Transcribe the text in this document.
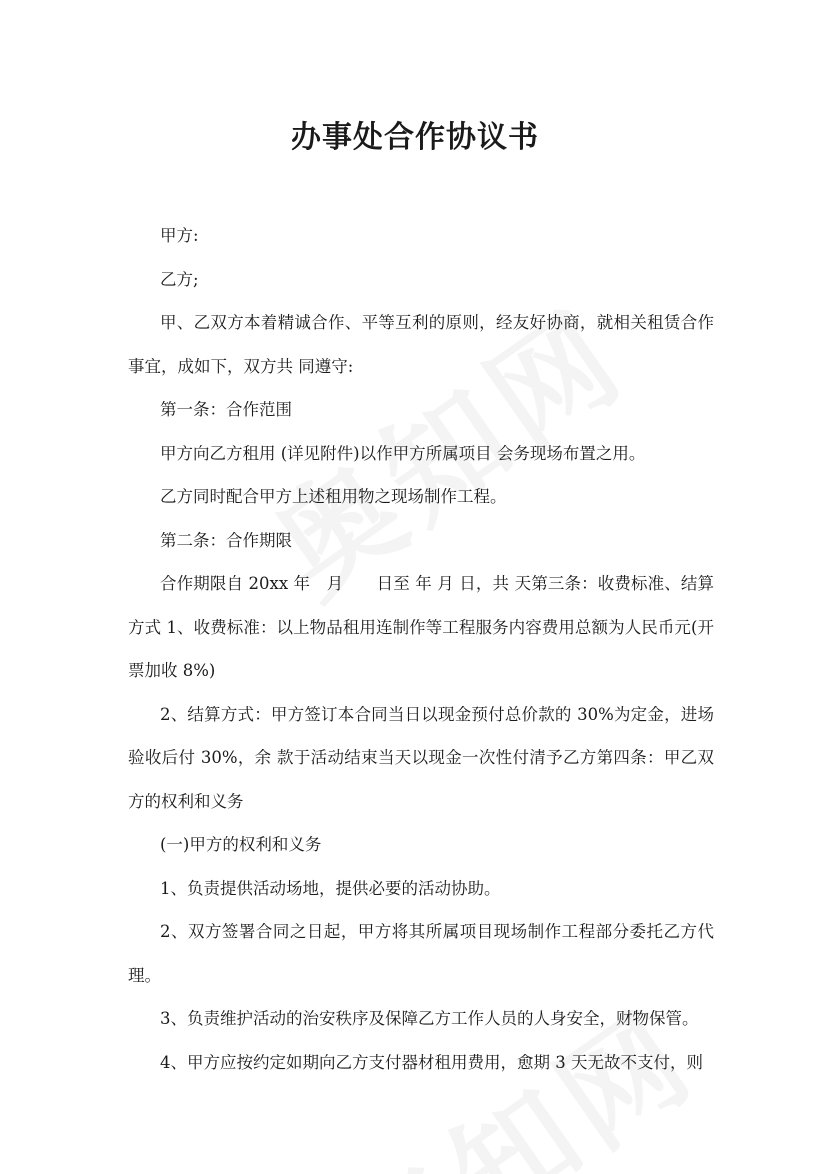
办事处合作协议书

甲方:

乙方;

甲、乙双方本着精诚合作、平等互利的原则，经友好协商，就相关租赁合作事宜，成如下，双方共 同遵守:

第一条：合作范围

甲方向乙方租用 (详见附件)以作甲方所属项目 会务现场布置之用。

乙方同时配合甲方上述租用物之现场制作工程。

第二条：合作期限

合作期限自 20xx 年　月　　日至 年 月 日，共 天第三条：收费标准、结算方式 1、收费标准：以上物品租用连制作等工程服务内容费用总额为人民币元(开票加收 8%)

2、结算方式：甲方签订本合同当日以现金预付总价款的 30%为定金，进场验收后付 30%，余 款于活动结束当天以现金一次性付清予乙方第四条：甲乙双方的权利和义务

(一)甲方的权利和义务

1、负责提供活动场地，提供必要的活动协助。

2、双方签署合同之日起，甲方将其所属项目现场制作工程部分委托乙方代理。

3、负责维护活动的治安秩序及保障乙方工作人员的人身安全，财物保管。

4、甲方应按约定如期向乙方支付器材租用费用，愈期 3 天无故不支付，则
